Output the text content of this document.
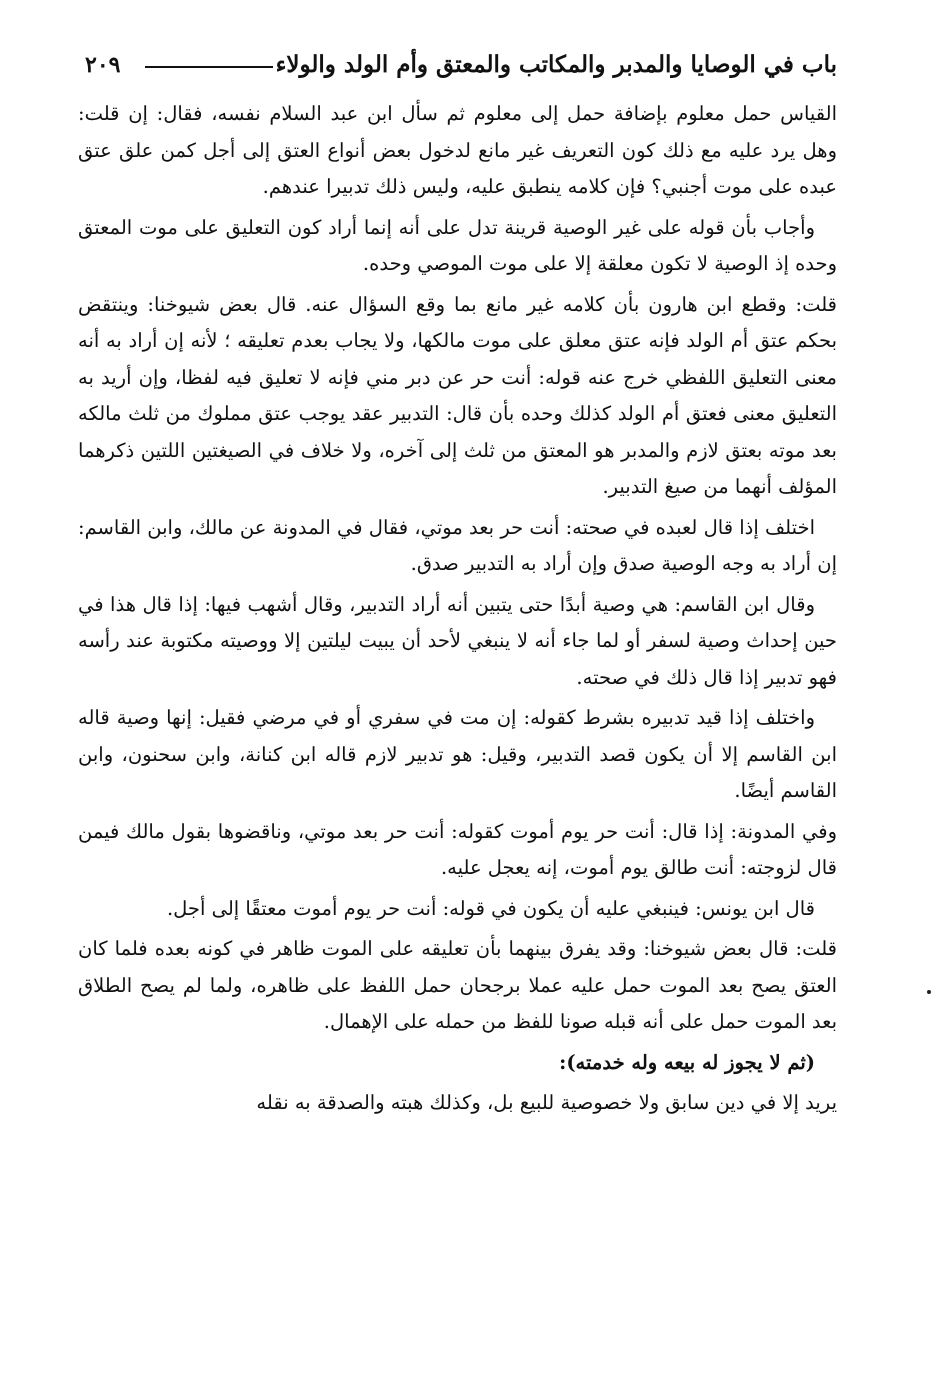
باب في الوصايا والمدبر والمكاتب والمعتق وأم الولد والولاء
٢٠٩

القياس حمل معلوم بإضافة حمل إلى معلوم ثم سأل ابن عبد السلام نفسه، فقال: إن قلت: وهل يرد عليه مع ذلك كون التعريف غير مانع لدخول بعض أنواع العتق إلى أجل كمن علق عتق عبده على موت أجنبي؟ فإن كلامه ينطبق عليه، وليس ذلك تدبيرا عندهم.

وأجاب بأن قوله على غير الوصية قرينة تدل على أنه إنما أراد كون التعليق على موت المعتق وحده إذ الوصية لا تكون معلقة إلا على موت الموصي وحده.

قلت: وقطع ابن هارون بأن كلامه غير مانع بما وقع السؤال عنه. قال بعض شيوخنا: وينتقض بحكم عتق أم الولد فإنه عتق معلق على موت مالكها، ولا يجاب بعدم تعليقه ؛ لأنه إن أراد به أنه معنى التعليق اللفظي خرج عنه قوله: أنت حر عن دبر مني فإنه لا تعليق فيه لفظا، وإن أريد به التعليق معنى فعتق أم الولد كذلك وحده بأن قال: التدبير عقد يوجب عتق مملوك من ثلث مالكه بعد موته بعتق لازم والمدبر هو المعتق من ثلث إلى آخره، ولا خلاف في الصيغتين اللتين ذكرهما المؤلف أنهما من صيغ التدبير.

اختلف إذا قال لعبده في صحته: أنت حر بعد موتي، فقال في المدونة عن مالك، وابن القاسم: إن أراد به وجه الوصية صدق وإن أراد به التدبير صدق.

وقال ابن القاسم: هي وصية أبدًا حتى يتبين أنه أراد التدبير، وقال أشهب فيها: إذا قال هذا في حين إحداث وصية لسفر أو لما جاء أنه لا ينبغي لأحد أن يبيت ليلتين إلا ووصيته مكتوبة عند رأسه فهو تدبير إذا قال ذلك في صحته.

واختلف إذا قيد تدبيره بشرط كقوله: إن مت في سفري أو في مرضي فقيل: إنها وصية قاله ابن القاسم إلا أن يكون قصد التدبير، وقيل: هو تدبير لازم قاله ابن كنانة، وابن سحنون، وابن القاسم أيضًا.

وفي المدونة: إذا قال: أنت حر يوم أموت كقوله: أنت حر بعد موتي، وناقضوها بقول مالك فيمن قال لزوجته: أنت طالق يوم أموت، إنه يعجل عليه.

قال ابن يونس: فينبغي عليه أن يكون في قوله: أنت حر يوم أموت معتقًا إلى أجل.

قلت: قال بعض شيوخنا: وقد يفرق بينهما بأن تعليقه على الموت ظاهر في كونه بعده فلما كان العتق يصح بعد الموت حمل عليه عملا برجحان حمل اللفظ على ظاهره، ولما لم يصح الطلاق بعد الموت حمل على أنه قبله صونا للفظ من حمله على الإهمال.

(ثم لا يجوز له بيعه وله خدمته):

يريد إلا في دين سابق ولا خصوصية للبيع بل، وكذلك هبته والصدقة به نقله
